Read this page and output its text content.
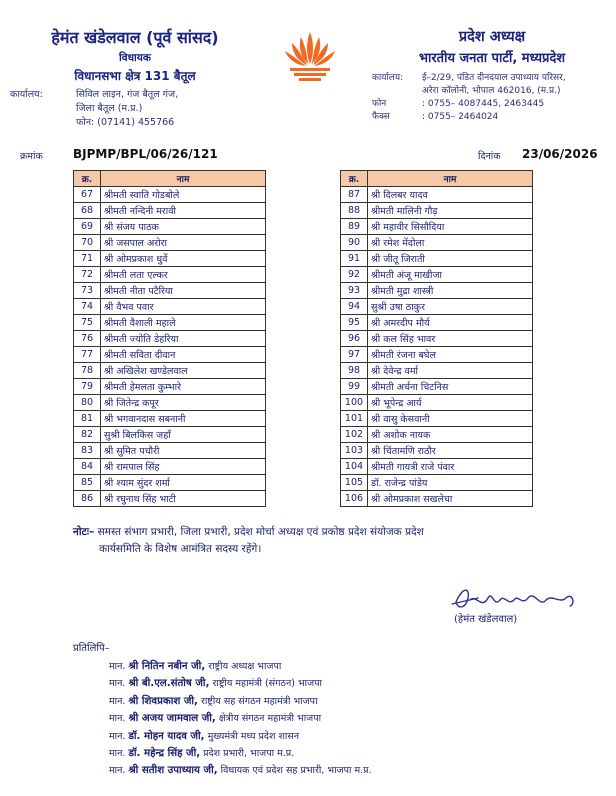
हेमंत खंडेलवाल (पूर्व सांसद)
विधायक
विधानसभा क्षेत्र 131 बैतूल
कार्यालय:	सिविल लाइन, गंज बैतूल गंज,
जिला बैतूल (म.प्र.)
फोन: (07141) 455766
प्रदेश अध्यक्ष
भारतीय जनता पार्टी, मध्यप्रदेश
कार्यालय:	ई–2/29, पंडित दीनदयाल उपाध्याय परिसर,
अरेरा कॉलोनी, भोपाल 462016, (म.प्र.)
फोन	: 0755– 4087445, 2463445
फैक्स	: 0755– 2464024
क्रमांक	BJPMP/BPL/06/26/121	दिनांक 23/06/2026
क्र.	नाम
67	श्रीमती स्वाति गोडबोले
68	श्रीमती नन्दिनी मरावी
69	श्री संजय पाठक
70	श्री जसपाल अरोरा
71	श्री ओमप्रकाश धुर्वे
72	श्रीमती लता एल्कर
73	श्रीमती नीता पटैरिया
74	श्री वैभव पवार
75	श्रीमती वैशाली महाले
76	श्रीमती ज्योति डेहरिया
77	श्रीमती सविता दीवान
78	श्री अखिलेश खण्डेलवाल
79	श्रीमती हेमलता कुम्भारे
80	श्री जितेन्द्र कपूर
81	श्री भगवानदास सबनानी
82	सुश्री बिलकिस जहाँ
83	श्री सुमित पचौरी
84	श्री रामपाल सिंह
85	श्री श्याम सुंदर शर्मा
86	श्री रघुनाथ सिंह भाटी
क्र.	नाम
87	श्री दिलबर यादव
88	श्रीमती मालिनी गौड़
89	श्री महावीर सिसौदिया
90	श्री रमेश मेंदोला
91	श्री जीतू जिराती
92	श्रीमती अंजू माखीजा
93	श्रीमती मुद्रा शास्त्री
94	सुश्री उषा ठाकुर
95	श्री अमरदीप मौर्य
96	श्री कल सिंह भावर
97	श्रीमती रंजना बघेल
98	श्री देवेन्द्र वर्मा
99	श्रीमती अर्चना चिटनिस
100	श्री भूपेन्द्र आर्य
101	श्री वासु केसवानी
102	श्री अशोक नायक
103	श्री चिंतामणि राठौर
104	श्रीमती गायत्री राजे पंवार
105	डॉ. राजेन्द्र पांडेय
106	श्री ओमप्रकाश सखलेचा
नोटः– समस्त संभाग प्रभारी, जिला प्रभारी, प्रदेश मोर्चा अध्यक्ष एवं प्रकोष्ठ प्रदेश संयोजक प्रदेश
कार्यसमिति के विशेष आमंत्रित सदस्य रहेंगे।
(हेमंत खंडेलवाल)
प्रतिलिपि–
मान. श्री नितिन नबीन जी, राष्ट्रीय अध्यक्ष भाजपा
मान. श्री बी.एल.संतोष जी, राष्ट्रीय महामंत्री (संगठन) भाजपा
मान. श्री शिवप्रकाश जी, राष्ट्रीय सह संगठन महामंत्री भाजपा
मान. श्री अजय जामवाल जी, क्षेत्रीय संगठन महामंत्री भाजपा
मान. डॉ. मोहन यादव जी, मुख्यमंत्री मध्य प्रदेश शासन
मान. डॉ. महेन्द्र सिंह जी, प्रदेश प्रभारी, भाजपा म.प्र.
मान. श्री सतीश उपाध्याय जी, विधायक एवं प्रदेश सह प्रभारी, भाजपा म.प्र.
